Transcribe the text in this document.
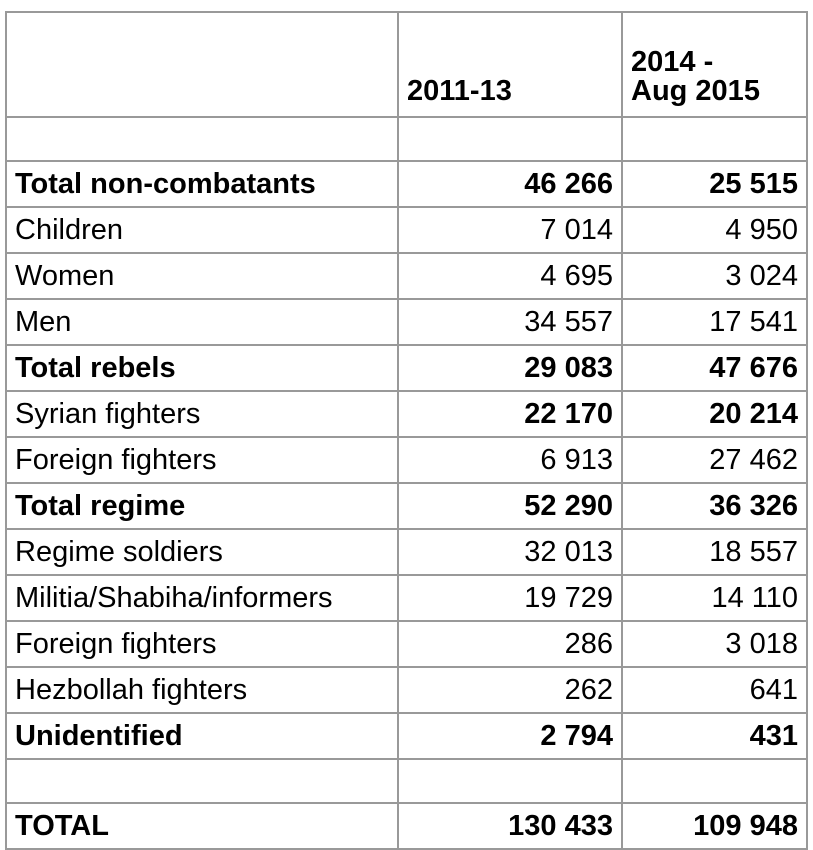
	2011-13	2014 -
Aug 2015

Total non-combatants	46 266	25 515
Children	7 014	4 950
Women	4 695	3 024
Men	34 557	17 541
Total rebels	29 083	47 676
Syrian fighters	22 170	20 214
Foreign fighters	6 913	27 462
Total regime	52 290	36 326
Regime soldiers	32 013	18 557
Militia/Shabiha/informers	19 729	14 110
Foreign fighters	286	3 018
Hezbollah fighters	262	641
Unidentified	2 794	431

TOTAL	130 433	109 948
